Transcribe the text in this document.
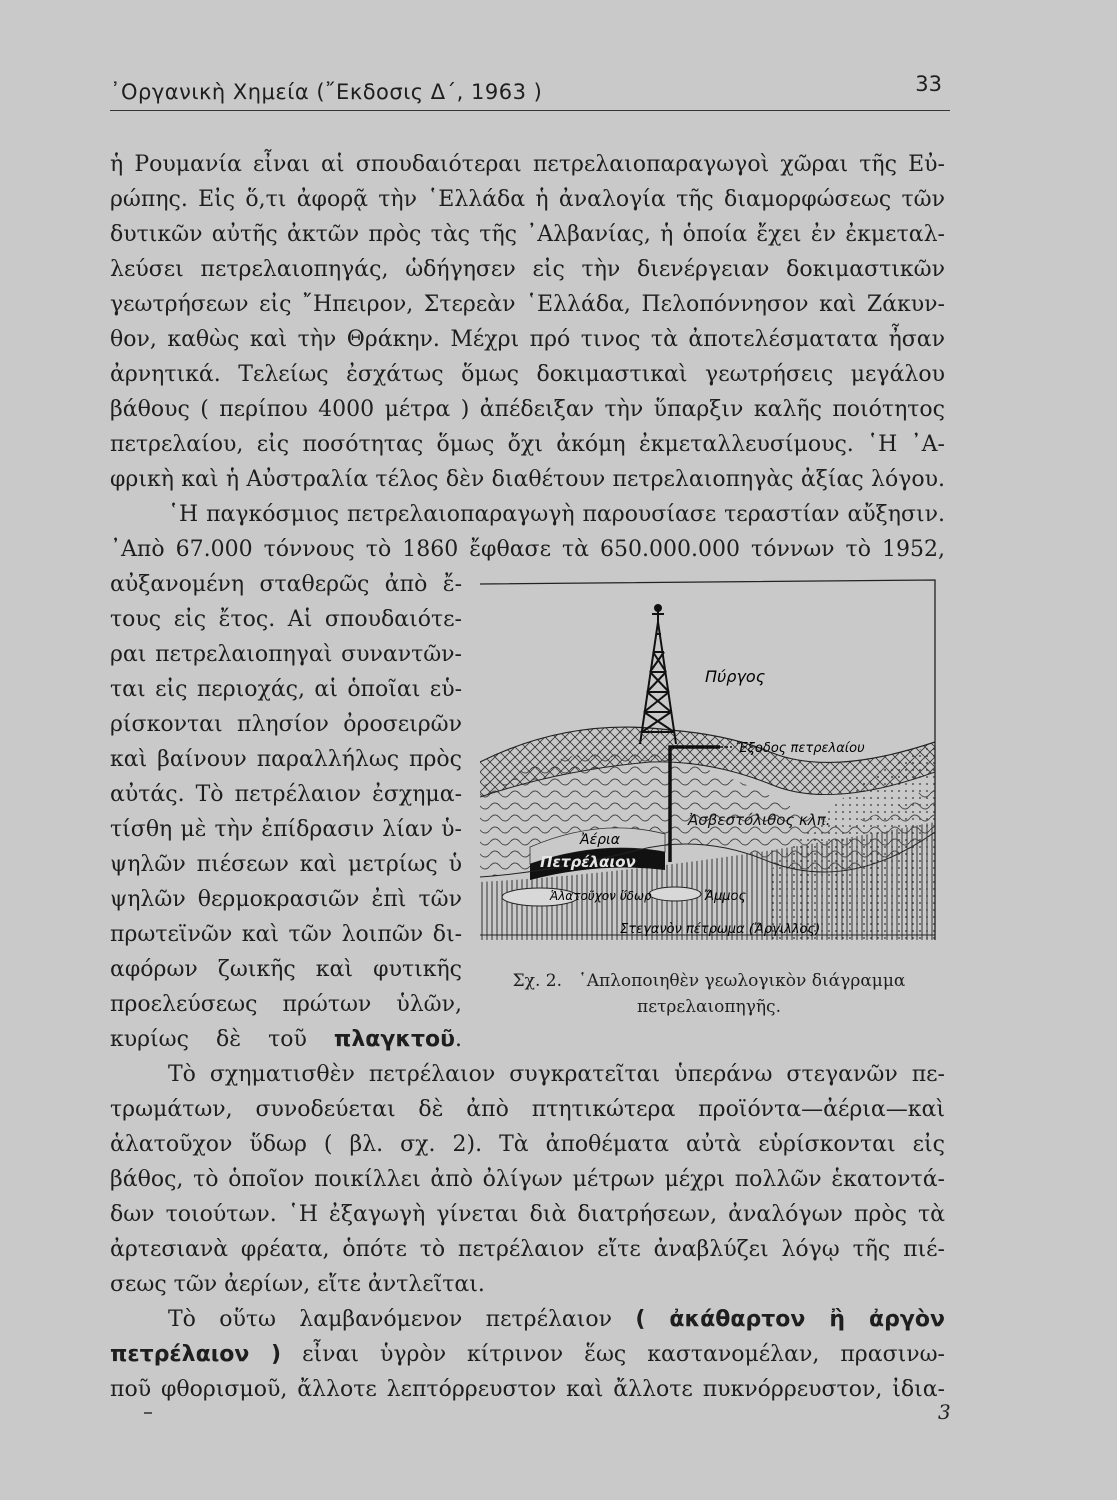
᾿Οργανικὴ Χημεία (῎Εκδοσις Δ΄, 1963 )	33
ἡ Ρουμανία εἶναι αἱ σπουδαιότεραι πετρελαιοπαραγωγοὶ χῶραι τῆς Εὐ-
ρώπης. Εἰς ὅ,τι ἀφορᾷ τὴν ῾Ελλάδα ἡ ἀναλογία τῆς διαμορφώσεως τῶν
δυτικῶν αὐτῆς ἀκτῶν πρὸς τὰς τῆς ᾿Αλβανίας, ἡ ὁποία ἔχει ἐν ἐκμεταλ-
λεύσει πετρελαιοπηγάς, ὡδήγησεν εἰς τὴν διενέργειαν δοκιμαστικῶν
γεωτρήσεων εἰς ῎Ηπειρον, Στερεὰν ῾Ελλάδα, Πελοπόννησον καὶ Ζάκυν-
θον, καθὼς καὶ τὴν Θράκην. Μέχρι πρό τινος τὰ ἀποτελέσματατα ἦσαν
ἀρνητικά. Τελείως ἐσχάτως ὅμως δοκιμαστικαὶ γεωτρήσεις μεγάλου
βάθους ( περίπου 4000 μέτρα ) ἀπέδειξαν τὴν ὕπαρξιν καλῆς ποιότητος
πετρελαίου, εἰς ποσότητας ὅμως ὄχι ἀκόμη ἐκμεταλλευσίμους. ῾Η ᾿Α-
φρικὴ καὶ ἡ Αὐστραλία τέλος δὲν διαθέτουν πετρελαιοπηγὰς ἀξίας λόγου.
῾Η παγκόσμιος πετρελαιοπαραγωγὴ παρουσίασε τεραστίαν αὔξησιν.
᾿Απὸ 67.000 τόννους τὸ 1860 ἔφθασε τὰ 650.000.000 τόννων τὸ 1952,
αὐξανομένη σταθερῶς ἀπὸ ἔ-
τους εἰς ἔτος. Αἱ σπουδαιότε-
ραι πετρελαιοπηγαὶ συναντῶν-
ται εἰς περιοχάς, αἱ ὁποῖαι εὑ-
ρίσκονται πλησίον ὀροσειρῶν
καὶ βαίνουν παραλλήλως πρὸς
αὐτάς. Τὸ πετρέλαιον ἐσχημα-
τίσθη μὲ τὴν ἐπίδρασιν λίαν ὑ-
ψηλῶν πιέσεων καὶ μετρίως ὑ
ψηλῶν θερμοκρασιῶν ἐπὶ τῶν
πρωτεϊνῶν καὶ τῶν λοιπῶν δι-
αφόρων ζωικῆς καὶ φυτικῆς
προελεύσεως πρώτων ὑλῶν,
κυρίως δὲ τοῦ πλαγκτοῦ.
Πύργος
Ἔξοδος πετρελαίου
Ἀσβεστόλιθος κλπ.
Ἀέρια
Πετρέλαιον
Ἁλατοῦχον ὕδωρ	Ἄμμος
Στεγανὸν πέτρωμα (Ἄργιλλος)
Σχ. 2. ῾Απλοποιηθὲν γεωλογικὸν διάγραμμα πετρελαιοπηγῆς.
Τὸ σχηματισθὲν πετρέλαιον συγκρατεῖται ὑπεράνω στεγανῶν πε-
τρωμάτων, συνοδεύεται δὲ ἀπὸ πτητικώτερα προϊόντα—ἀέρια—καὶ
ἁλατοῦχον ὕδωρ ( βλ. σχ. 2). Τὰ ἀποθέματα αὐτὰ εὑρίσκονται εἰς
βάθος, τὸ ὁποῖον ποικίλλει ἀπὸ ὀλίγων μέτρων μέχρι πολλῶν ἑκατοντά-
δων τοιούτων. ῾Η ἐξαγωγὴ γίνεται διὰ διατρήσεων, ἀναλόγων πρὸς τὰ
ἀρτεσιανὰ φρέατα, ὁπότε τὸ πετρέλαιον εἴτε ἀναβλύζει λόγῳ τῆς πιέ-
σεως τῶν ἀερίων, εἴτε ἀντλεῖται.
Τὸ οὕτω λαμβανόμενον πετρέλαιον ( ἀκάθαρτον ἢ ἀργὸν
πετρέλαιον ) εἶναι ὑγρὸν κίτρινον ἕως καστανομέλαν, πρασινω-
ποῦ φθορισμοῦ, ἄλλοτε λεπτόρρευστον καὶ ἄλλοτε πυκνόρρευστον, ἰδια-
3
